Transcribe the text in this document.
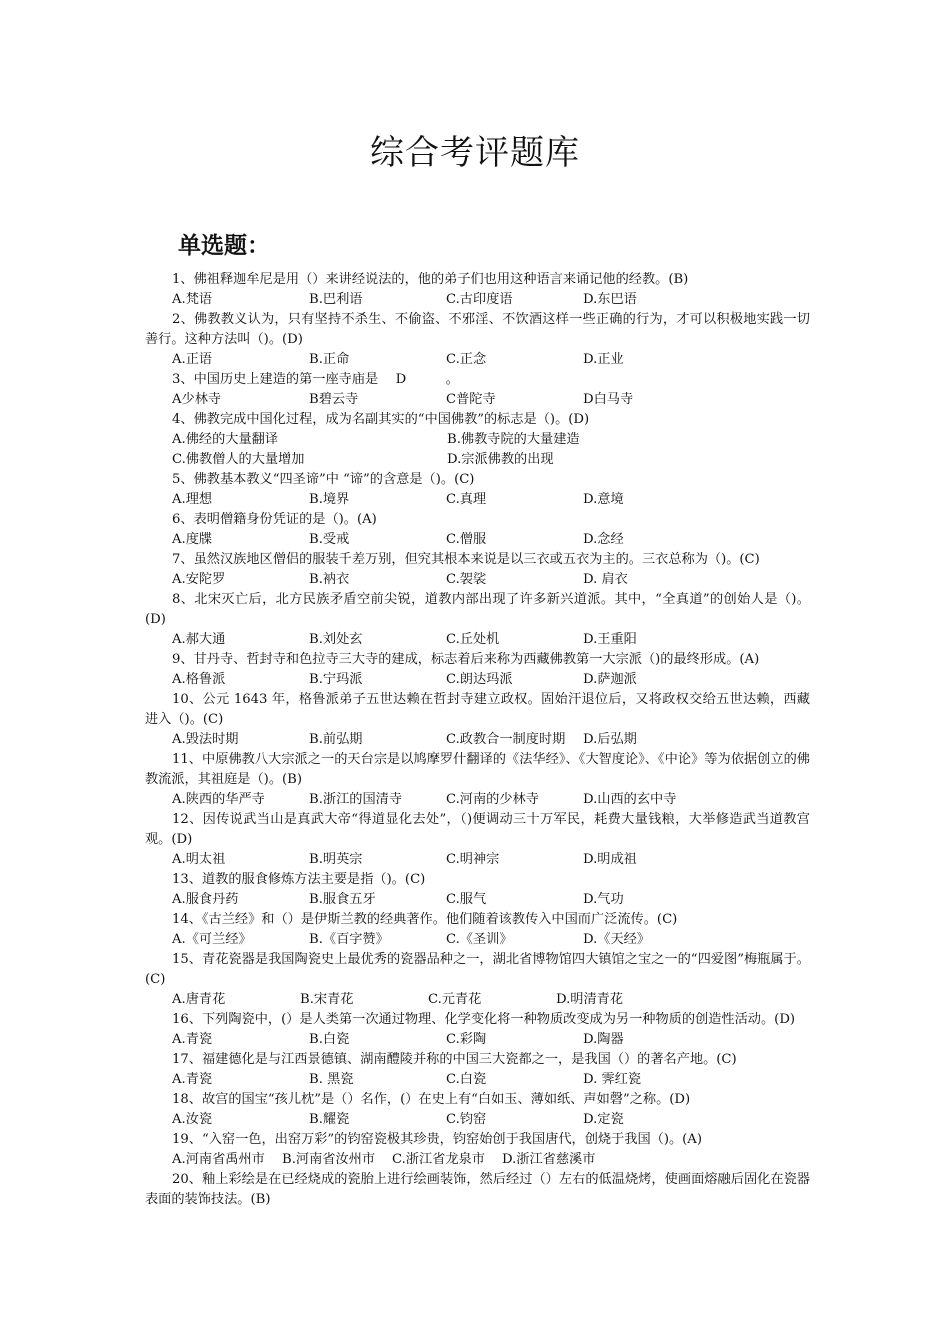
综合考评题库
单选题：

1、佛祖释迦牟尼是用（）来讲经说法的，他的弟子们也用这种语言来诵记他的经教。(B)

A.梵语	B.巴利语	C.古印度语	D.东巴语

2、佛教教义认为，只有坚持不杀生、不偷盗、不邪淫、不饮酒这样一些正确的行为，才可以积极地实践一切善行。这种方法叫（)。(D)

A.正语	B.正命	C.正念	D.正业

3、中国历史上建造的第一座寺庙是　 D　　　。

A少林寺	B碧云寺	C普陀寺	D白马寺

4、佛教完成中国化过程，成为名副其实的“中国佛教”的标志是（)。(D)

A.佛经的大量翻译	B.佛教寺院的大量建造
C.佛教僧人的大量增加	D.宗派佛教的出现

5、佛教基本教义“四圣谛”中 “谛”的含意是（)。(C)

A.理想	B.境界	C.真理	D.意境

6、表明僧籍身份凭证的是（)。(A)

A.度牒	B.受戒	C.僧服	D.念经

7、虽然汉族地区僧侣的服装千差万别，但究其根本来说是以三衣或五衣为主的。三衣总称为（)。(C)

A.安陀罗	B.衲衣	C.袈裟	D. 肩衣

8、北宋灭亡后，北方民族矛盾空前尖锐，道教内部出现了许多新兴道派。其中，“全真道”的创始人是（)。(D)

A.郝大通	B.刘处玄	C.丘处机	D.王重阳

9、甘丹寺、哲封寺和色拉寺三大寺的建成，标志着后来称为西藏佛教第一大宗派（)的最终形成。(A)

A.格鲁派	B.宁玛派	C.朗达玛派	D.萨迦派

10、公元 1643 年，格鲁派弟子五世达赖在哲封寺建立政权。固始汗退位后，又将政权交给五世达赖，西藏进入（)。(C)

A.毁法时期	B.前弘期	C.政教合一制度时期	D.后弘期

11、中原佛教八大宗派之一的天台宗是以鸠摩罗什翻译的《法华经》、《大智度论》、《中论》等为依据创立的佛教流派，其祖庭是（)。(B)

A.陕西的华严寺	B.浙江的国清寺	C.河南的少林寺	D.山西的玄中寺

12、因传说武当山是真武大帝“得道显化去处”，（)便调动三十万军民，耗费大量钱粮，大举修造武当道教宫观。(D)

A.明太祖	B.明英宗	C.明神宗	D.明成祖

13、道教的服食修炼方法主要是指（)。(C)

A.服食丹药	B.服食五牙	C.服气	D.气功

14、《古兰经》和（）是伊斯兰教的经典著作。他们随着该教传入中国而广泛流传。(C)

A.《可兰经》	B.《百字赞》	C.《圣训》	D.《天经》

15、青花瓷器是我国陶瓷史上最优秀的瓷器品种之一，湖北省博物馆四大镇馆之宝之一的“四爱图”梅瓶属于。(C)

A.唐青花	B.宋青花	C.元青花	D.明清青花

16、下列陶瓷中，(）是人类第一次通过物理、化学变化将一种物质改变成为另一种物质的创造性活动。(D)

A.青瓷	B.白瓷	C.彩陶	D.陶器

17、福建德化是与江西景德镇、湖南醴陵并称的中国三大瓷都之一，是我国（）的著名产地。(C)

A.青瓷	B. 黑瓷	C.白瓷	D. 霁红瓷

18、故宫的国宝“孩儿枕”是（）名作，(）在史上有“白如玉、薄如纸、声如磬”之称。(D)

A.汝瓷	B.耀瓷	C.钧窑	D.定瓷

19、“入窑一色，出窑万彩”的钧窑瓷极其珍贵，钧窑始创于我国唐代，创烧于我国（)。(A)

A.河南省禹州市	B.河南省汝州市	C.浙江省龙泉市	D.浙江省慈溪市

20、釉上彩绘是在已经烧成的瓷胎上进行绘画装饰，然后经过（）左右的低温烧烤，使画面熔融后固化在瓷器表面的装饰技法。(B)
